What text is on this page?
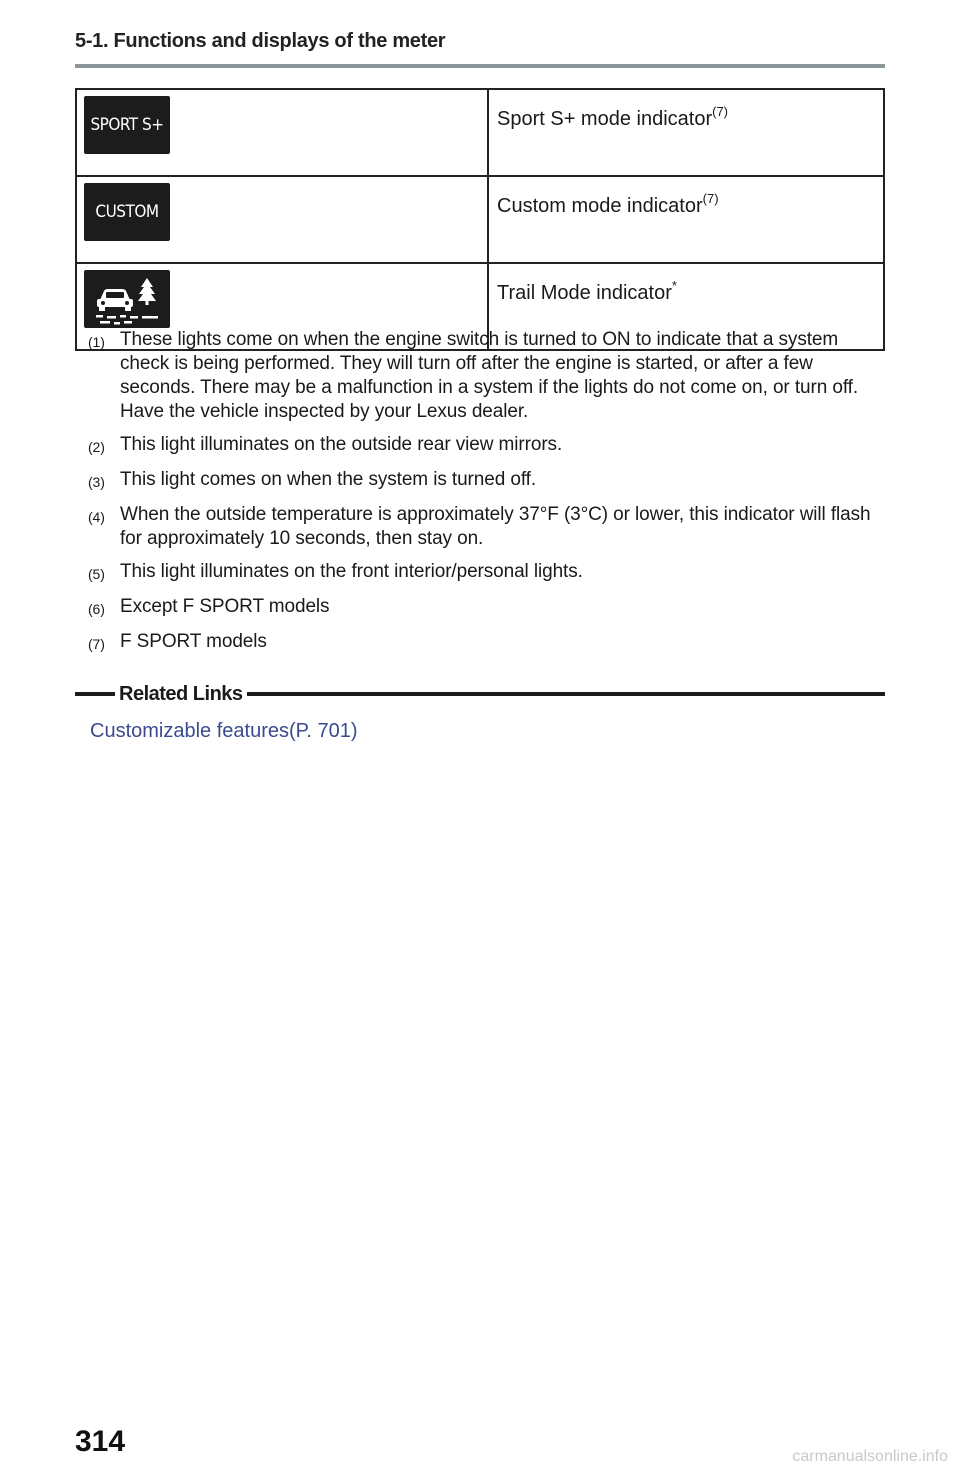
5-1. Functions and displays of the meter
SPORT S+	Sport S+ mode indicator$^{(7)}$

CUSTOM	Custom mode indicator$^{(7)}$

	Trail Mode indicator*
(1) These lights come on when the engine switch is turned to ON to indicate that a system check is being performed. They will turn off after the engine is started, or after a few seconds. There may be a malfunction in a system if the lights do not come on, or turn off. Have the vehicle inspected by your Lexus dealer.
(2) This light illuminates on the outside rear view mirrors.
(3) This light comes on when the system is turned off.
(4) When the outside temperature is approximately 37°F (3°C) or lower, this indicator will flash for approximately 10 seconds, then stay on.
(5) This light illuminates on the front interior/personal lights.
(6) Except F SPORT models
(7) F SPORT models
Related Links
Customizable features(P. 701)
314	carmanualsonline.info
